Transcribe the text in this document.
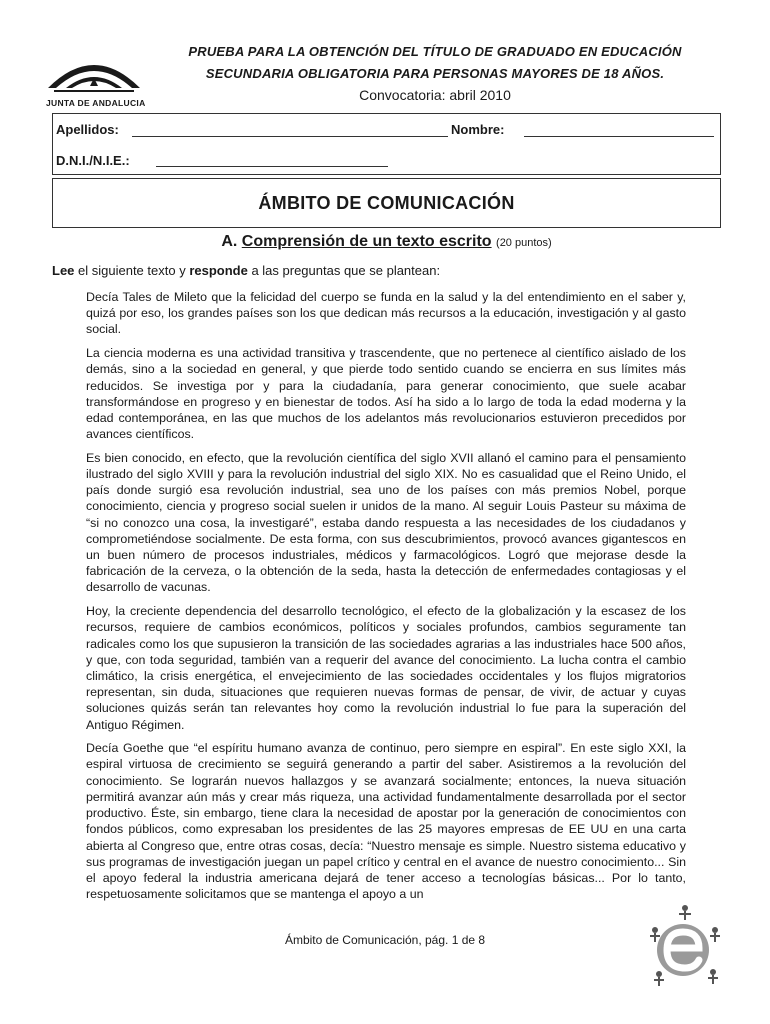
JUNTA DE ANDALUCIA
PRUEBA PARA LA OBTENCIÓN DEL TÍTULO DE GRADUADO EN EDUCACIÓN
SECUNDARIA OBLIGATORIA PARA PERSONAS MAYORES DE 18 AÑOS.
Convocatoria: abril 2010
Apellidos:	Nombre:
D.N.I./N.I.E.:
ÁMBITO DE COMUNICACIÓN
A. Comprensión de un texto escrito (20 puntos)
Lee el siguiente texto y responde a las preguntas que se plantean:

Decía Tales de Mileto que la felicidad del cuerpo se funda en la salud y la del entendimiento en el saber y, quizá por eso, los grandes países son los que dedican más recursos a la educación, investigación y al gasto social.

La ciencia moderna es una actividad transitiva y trascendente, que no pertenece al científico aislado de los demás, sino a la sociedad en general, y que pierde todo sentido cuando se encierra en sus límites más reducidos. Se investiga por y para la ciudadanía, para generar conocimiento, que suele acabar transformándose en progreso y en bienestar de todos. Así ha sido a lo largo de toda la edad moderna y la edad contemporánea, en las que muchos de los adelantos más revolucionarios estuvieron precedidos por avances científicos.

Es bien conocido, en efecto, que la revolución científica del siglo XVII allanó el camino para el pensamiento ilustrado del siglo XVIII y para la revolución industrial del siglo XIX. No es casualidad que el Reino Unido, el país donde surgió esa revolución industrial, sea uno de los países con más premios Nobel, porque conocimiento, ciencia y progreso social suelen ir unidos de la mano. Al seguir Louis Pasteur su máxima de “si no conozco una cosa, la investigaré”, estaba dando respuesta a las necesidades de los ciudadanos y comprometiéndose socialmente. De esta forma, con sus descubrimientos, provocó avances gigantescos en un buen número de procesos industriales, médicos y farmacológicos. Logró que mejorase desde la fabricación de la cerveza, o la obtención de la seda, hasta la detección de enfermedades contagiosas y el desarrollo de vacunas.

Hoy, la creciente dependencia del desarrollo tecnológico, el efecto de la globalización y la escasez de los recursos, requiere de cambios económicos, políticos y sociales profundos, cambios seguramente tan radicales como los que supusieron la transición de las sociedades agrarias a las industriales hace 500 años, y que, con toda seguridad, también van a requerir del avance del conocimiento. La lucha contra el cambio climático, la crisis energética, el envejecimiento de las sociedades occidentales y los flujos migratorios representan, sin duda, situaciones que requieren nuevas formas de pensar, de vivir, de actuar y cuyas soluciones quizás serán tan relevantes hoy como la revolución industrial lo fue para la superación del Antiguo Régimen.

Decía Goethe que “el espíritu humano avanza de continuo, pero siempre en espiral”. En este siglo XXI, la espiral virtuosa de crecimiento se seguirá generando a partir del saber. Asistiremos a la revolución del conocimiento. Se lograrán nuevos hallazgos y se avanzará socialmente; entonces, la nueva situación permitirá avanzar aún más y crear más riqueza, una actividad fundamentalmente desarrollada por el sector productivo. Éste, sin embargo, tiene clara la necesidad de apostar por la generación de conocimientos con fondos públicos, como expresaban los presidentes de las 25 mayores empresas de EE UU en una carta abierta al Congreso que, entre otras cosas, decía: “Nuestro mensaje es simple. Nuestro sistema educativo y sus programas de investigación juegan un papel crítico y central en el avance de nuestro conocimiento... Sin el apoyo federal la industria americana dejará de tener acceso a tecnologías básicas... Por lo tanto, respetuosamente solicitamos que se mantenga el apoyo a un

Ámbito de Comunicación, pág. 1 de 8
